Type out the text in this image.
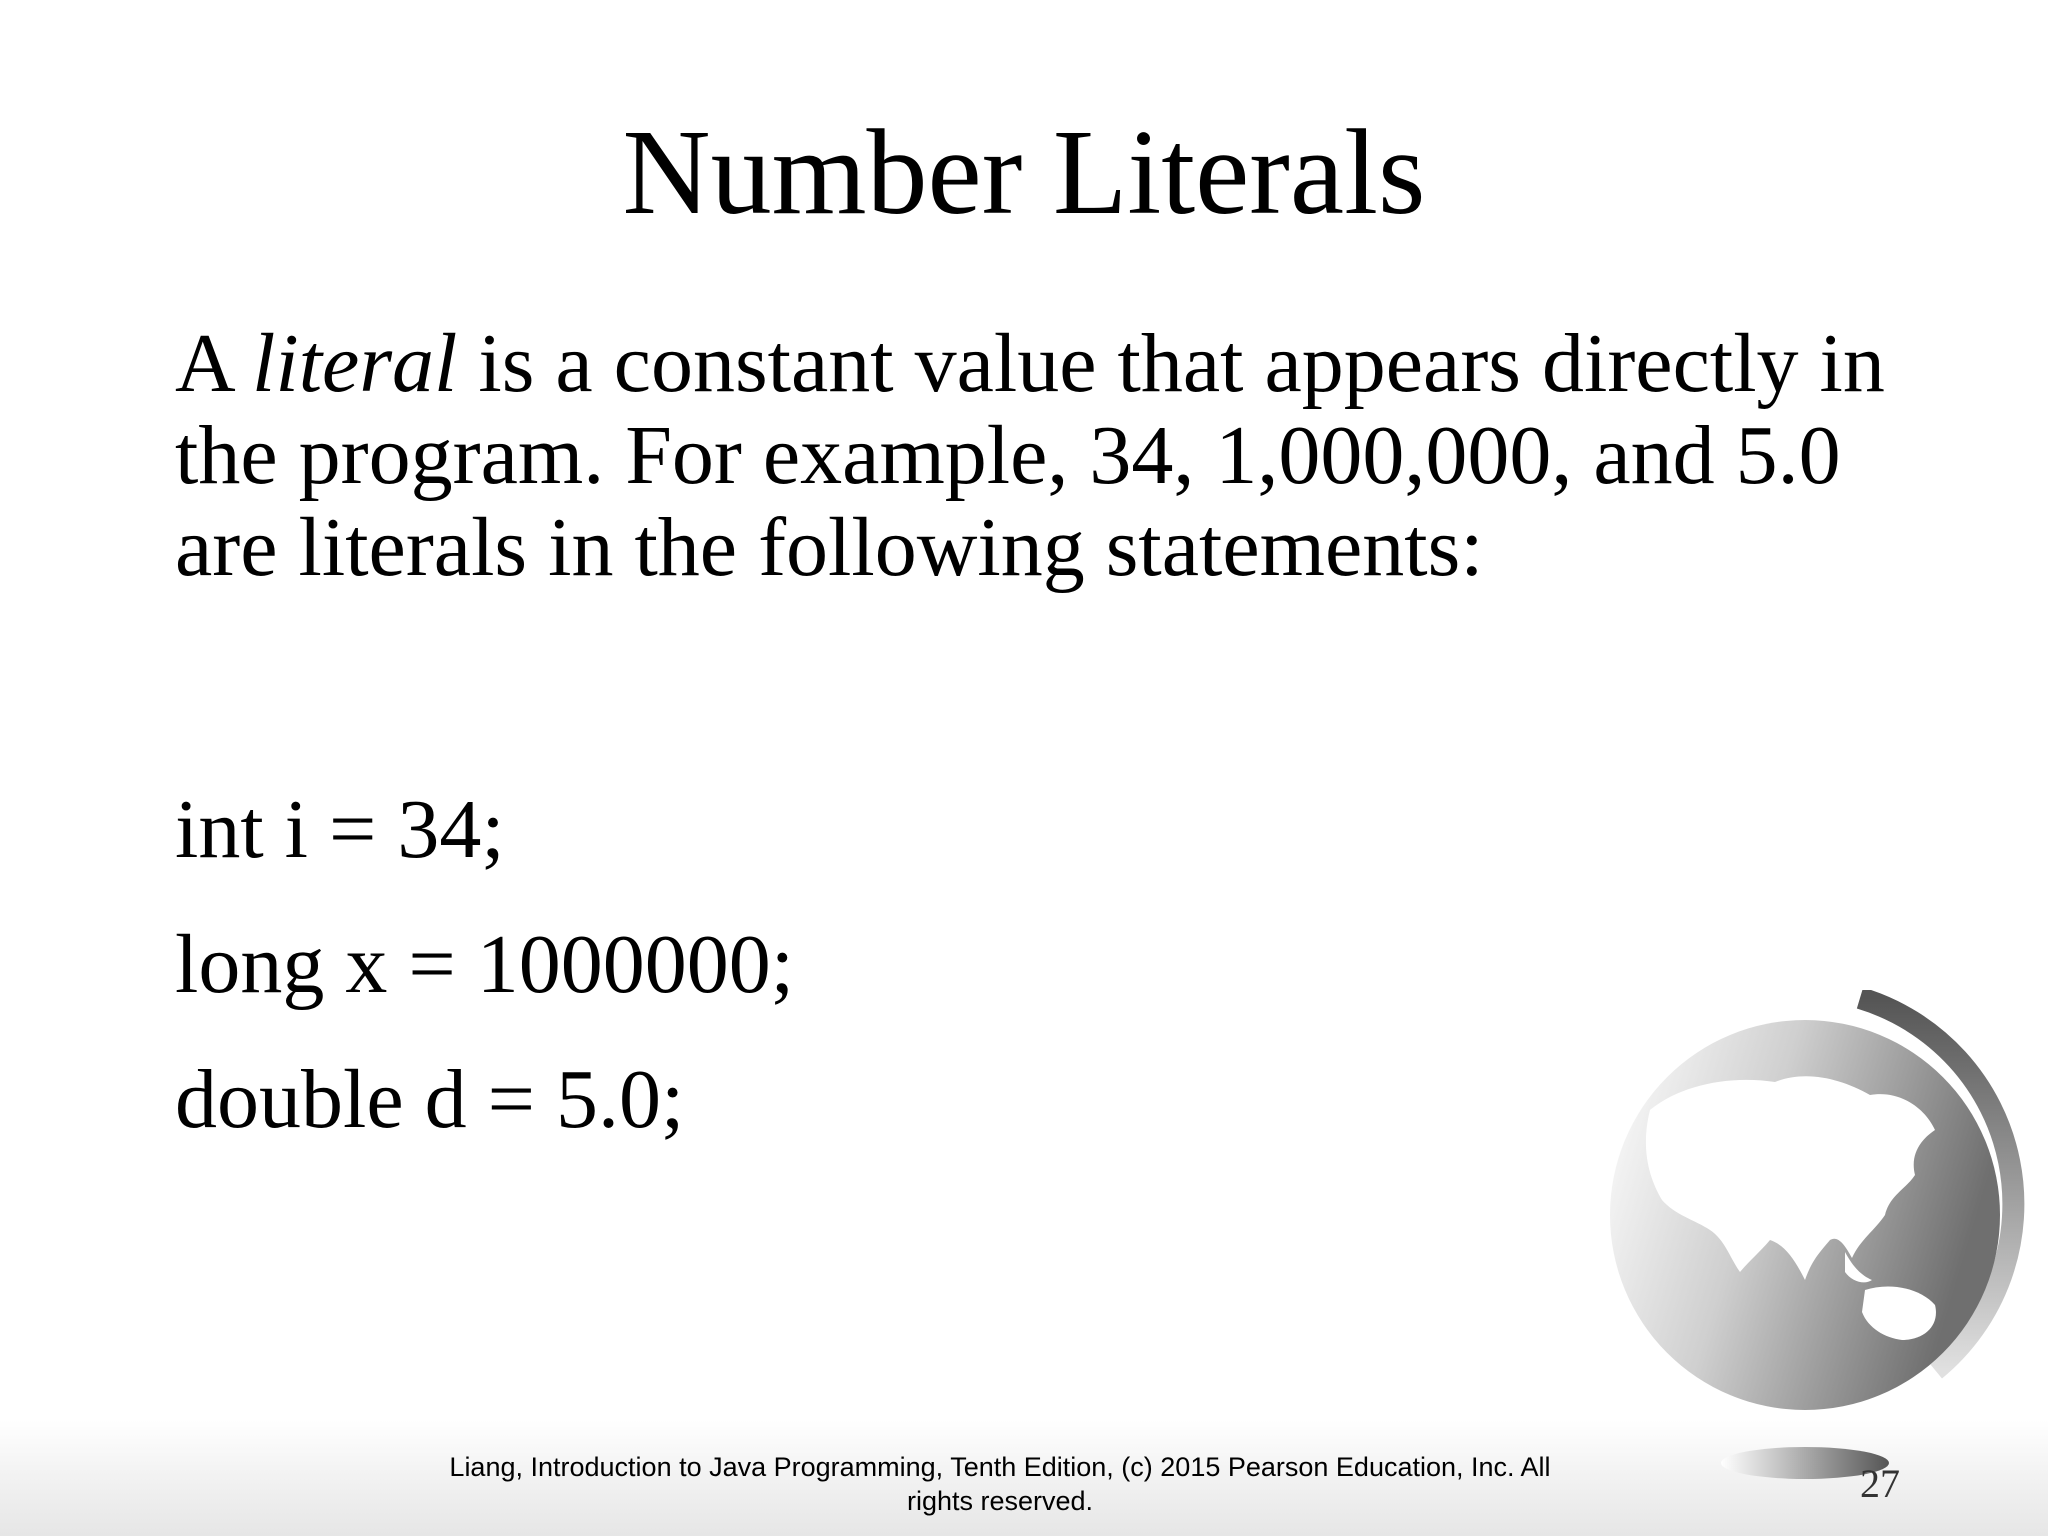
Number Literals

A literal is a constant value that appears directly in the program. For example, 34, 1,000,000, and 5.0 are literals in the following statements:

int i = 34;
long x = 1000000;
double d = 5.0;
Liang, Introduction to Java Programming, Tenth Edition, (c) 2015 Pearson Education, Inc. All
rights reserved.	27
